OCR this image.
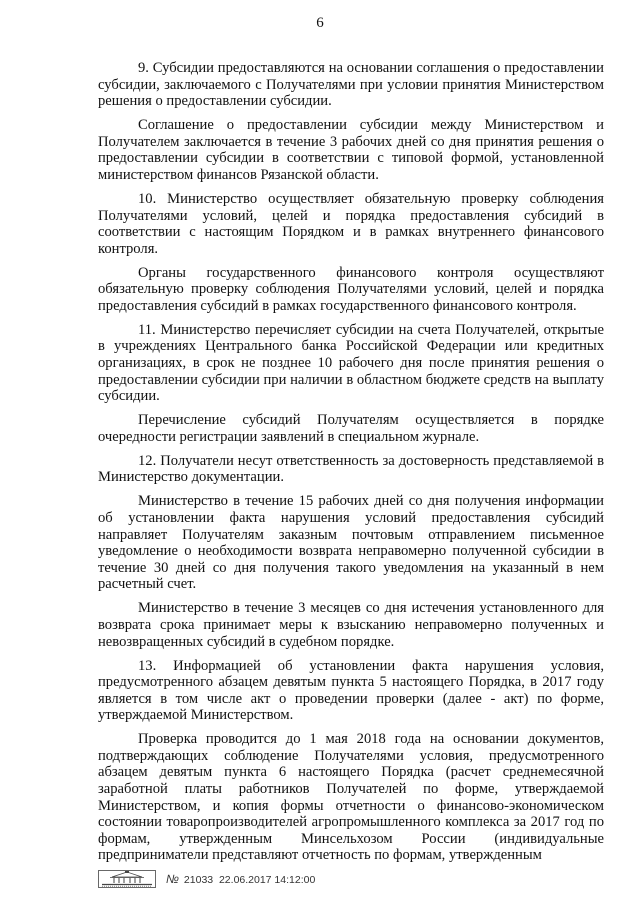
6

9. Субсидии предоставляются на основании соглашения о предоставлении субсидии, заключаемого с Получателями при условии принятия Министерством решения о предоставлении субсидии.

Соглашение о предоставлении субсидии между Министерством и Получателем заключается в течение 3 рабочих дней со дня принятия решения о предоставлении субсидии в соответствии с типовой формой, установленной министерством финансов Рязанской области.

10. Министерство осуществляет обязательную проверку соблюдения Получателями условий, целей и порядка предоставления субсидий в соответствии с настоящим Порядком и в рамках внутреннего финансового контроля.

Органы государственного финансового контроля осуществляют обязательную проверку соблюдения Получателями условий, целей и порядка предоставления субсидий в рамках государственного финансового контроля.

11. Министерство перечисляет субсидии на счета Получателей, открытые в учреждениях Центрального банка Российской Федерации или кредитных организациях, в срок не позднее 10 рабочего дня после принятия решения о предоставлении субсидии при наличии в областном бюджете средств на выплату субсидии.

Перечисление субсидий Получателям осуществляется в порядке очередности регистрации заявлений в специальном журнале.

12. Получатели несут ответственность за достоверность представляемой в Министерство документации.

Министерство в течение 15 рабочих дней со дня получения информации об установлении факта нарушения условий предоставления субсидий направляет Получателям заказным почтовым отправлением письменное уведомление о необходимости возврата неправомерно полученной субсидии в течение 30 дней со дня получения такого уведомления на указанный в нем расчетный счет.

Министерство в течение 3 месяцев со дня истечения установленного для возврата срока принимает меры к взысканию неправомерно полученных и невозвращенных субсидий в судебном порядке.

13. Информацией об установлении факта нарушения условия, предусмотренного абзацем девятым пункта 5 настоящего Порядка, в 2017 году является в том числе акт о проведении проверки (далее - акт) по форме, утверждаемой Министерством.

Проверка проводится до 1 мая 2018 года на основании документов, подтверждающих соблюдение Получателями условия, предусмотренного абзацем девятым пункта 6 настоящего Порядка (расчет среднемесячной заработной платы работников Получателей по форме, утверждаемой Министерством, и копия формы отчетности о финансово-экономическом состоянии товаропроизводителей агропромышленного комплекса за 2017 год по формам, утвержденным Минсельхозом России (индивидуальные предприниматели представляют отчетность по формам, утвержденным

№ 21033 22.06.2017 14:12:00
